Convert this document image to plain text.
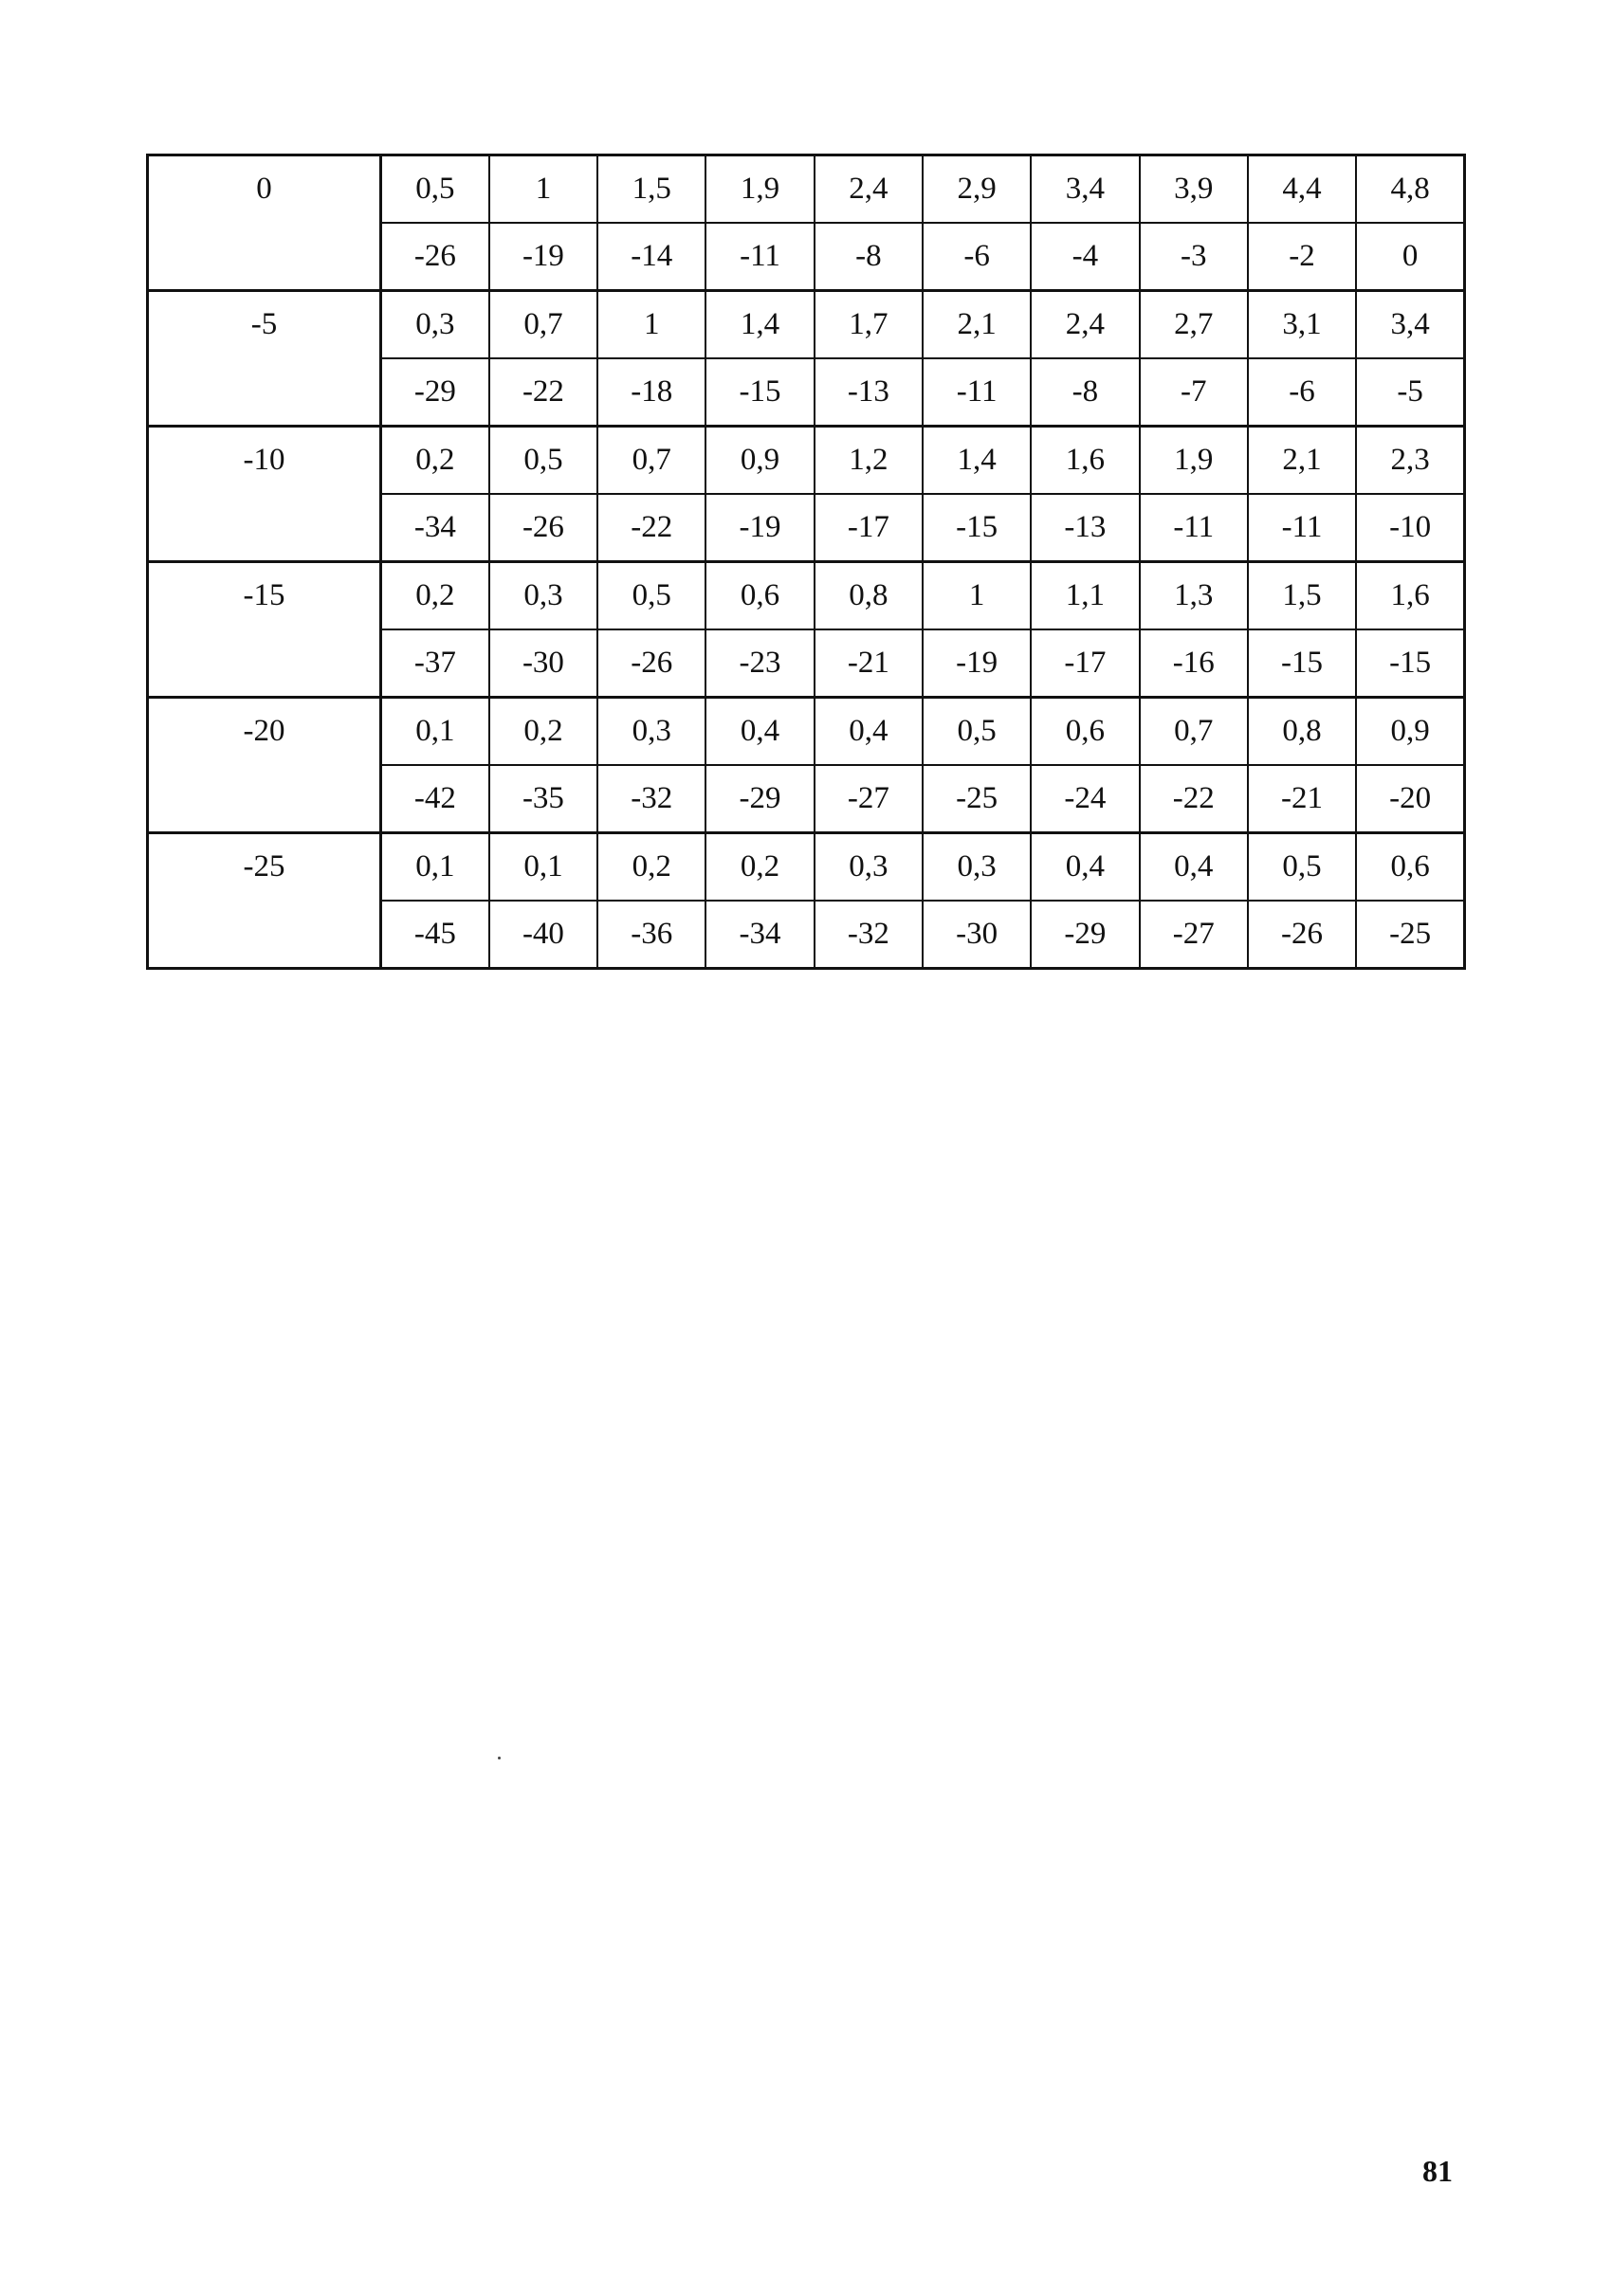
0	0,5	1	1,5	1,9	2,4	2,9	3,4	3,9	4,4	4,8
	-26	-19	-14	-11	-8	-6	-4	-3	-2	0
-5	0,3	0,7	1	1,4	1,7	2,1	2,4	2,7	3,1	3,4
	-29	-22	-18	-15	-13	-11	-8	-7	-6	-5
-10	0,2	0,5	0,7	0,9	1,2	1,4	1,6	1,9	2,1	2,3
	-34	-26	-22	-19	-17	-15	-13	-11	-11	-10
-15	0,2	0,3	0,5	0,6	0,8	1	1,1	1,3	1,5	1,6
	-37	-30	-26	-23	-21	-19	-17	-16	-15	-15
-20	0,1	0,2	0,3	0,4	0,4	0,5	0,6	0,7	0,8	0,9
	-42	-35	-32	-29	-27	-25	-24	-22	-21	-20
-25	0,1	0,1	0,2	0,2	0,3	0,3	0,4	0,4	0,5	0,6
	-45	-40	-36	-34	-32	-30	-29	-27	-26	-25
81
